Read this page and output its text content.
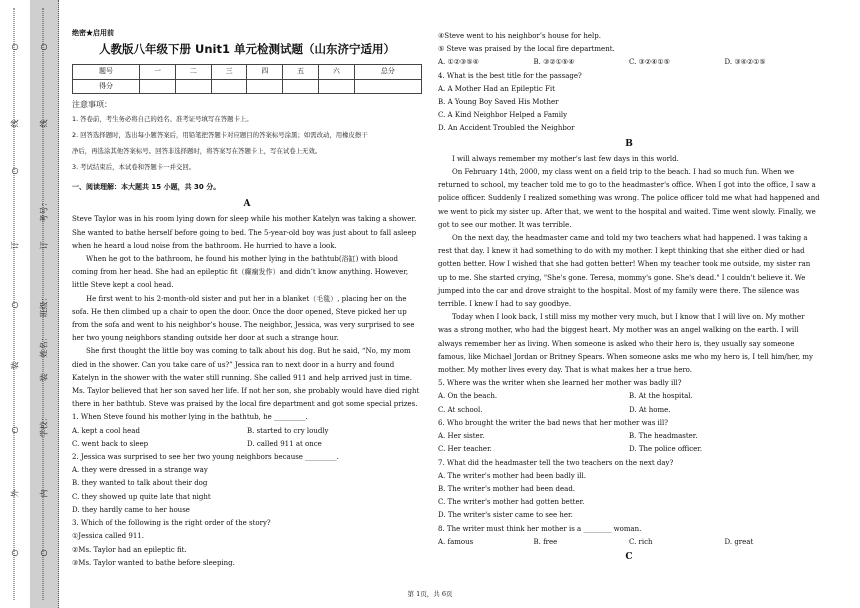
○
线
○
订
○
装
○
外
○
○
线
考号：
订
班级：
姓名：
装
学校：
内
○
绝密★启用前
人教版八年级下册 Unit1 单元检测试题（山东济宁适用）
题号	一	二	三	四	五	六	总分
得分							
注意事项：
1. 答卷前，考生务必将自己的姓名、准考证号填写在答题卡上。
2. 回答选择题时，选出每小题答案后，用铅笔把答题卡对应题目的答案标号涂黑；如需改动，用橡皮擦干
净后，再选涂其他答案标号。回答非选择题时，将答案写在答题卡上，写在试卷上无效。
3. 考试结束后，本试卷和答题卡一并交回。
一、阅读理解：本大题共 15 小题，共 30 分。
A

Steve Taylor was in his room lying down for sleep while his mother Katelyn was taking a shower. She wanted to bathe herself before going to bed. The 5-year-old boy was just about to fall asleep when he heard a loud noise from the bathroom. He hurried to have a look.

When he got to the bathroom, he found his mother lying in the bathtub(浴缸) with blood coming from her head. She had an epileptic fit（癫痫发作）and didn’t know anything. However, little Steve kept a cool head.

He first went to his 2-month-old sister and put her in a blanket（毛毯）, placing her on the sofa. He then climbed up a chair to open the door. Once the door opened, Steve picked her up from the sofa and went to his neighbor’s house. The neighbor, Jessica, was very surprised to see her two young neighbors standing outside her door at such a strange hour.

She first thought the little boy was coming to talk about his dog. But he said, “No, my mom died in the shower. Can you take care of us?” Jessica ran to next door in a hurry and found Katelyn in the shower with the water still running. She called 911 and help arrived just in time.

Ms. Taylor believed that her son saved her life. If not her son, she probably would have died right there in her bathtub. Steve was praised by the local fire department and got some special prizes.

1. When Steve found his mother lying in the bathtub, he _________.

A. kept a cool head	B. started to cry loudly
C. went back to sleep	D. called 911 at once

2. Jessica was surprised to see her two young neighbors because _________.

A. they were dressed in a strange way

B. they wanted to talk about their dog

C. they showed up quite late that night

D. they hardly came to her house

3. Which of the following is the right order of the story?

①Jessica called 911.

②Ms. Taylor had an epileptic fit.

③Ms. Taylor wanted to bathe before sleeping.

④Steve went to his neighbor’s house for help.

⑤ Steve was praised by the local fire department.

A. ①②③⑤④	B. ③②①⑤④	C. ③②④①⑤	D. ③④②①⑤

4. What is the best title for the passage?

A. A Mother Had an Epileptic Fit

B. A Young Boy Saved His Mother

C. A Kind Neighbor Helped a Family

D. An Accident Troubled the Neighbor

B

I will always remember my mother's last few days in this world.

On February 14th, 2000, my class went on a field trip to the beach. I had so much fun. When we returned to school, my teacher told me to go to the headmaster's office. When I got into the office, I saw a police officer. Suddenly I realized something was wrong. The police officer told me what had happened and we went to pick my sister up. After that, we went to the hospital and waited. Time went slowly. Finally, we got to see our mother. It was terrible.

On the next day, the headmaster came and told my two teachers what had happened. I was taking a rest that day. I knew it had something to do with my mother. I kept thinking that she either died or had gotten better. How I wished that she had gotten better! When my teacher took me outside, my sister ran up to me. She started crying, "She's gone. Teresa, mommy's gone. She's dead." I couldn't believe it. We jumped into the car and drove straight to the hospital. Most of my family were there. The silence was terrible. I knew I had to say goodbye.

Today when I look back, I still miss my mother very much, but I know that I will live on. My mother was a strong mother, who had the biggest heart. My mother was an angel walking on the earth. I will always remember her as living. When someone is asked who their hero is, they usually say someone famous, like Michael Jordan or Britney Spears. When someone asks me who my hero is, I tell him/her, my mother. My mother lives every day. That is what makes her a true hero.

5. Where was the writer when she learned her mother was badly ill?

A. On the beach.	B. At the hospital.
C. At school.	D. At home.

6. Who brought the writer the bad news that her mother was ill?

A. Her sister.	B. The headmaster.
C. Her teacher.	D. The police officer.

7. What did the headmaster tell the two teachers on the next day?

A. The writer's mother had been badly ill.

B. The writer's mother had been dead.

C. The writer's mother had gotten better.

D. The writer's sister came to see her.

8. The writer must think her mother is a ________ woman.

A. famous	B. free	C. rich	D. great
C
第 1页，共 6页
